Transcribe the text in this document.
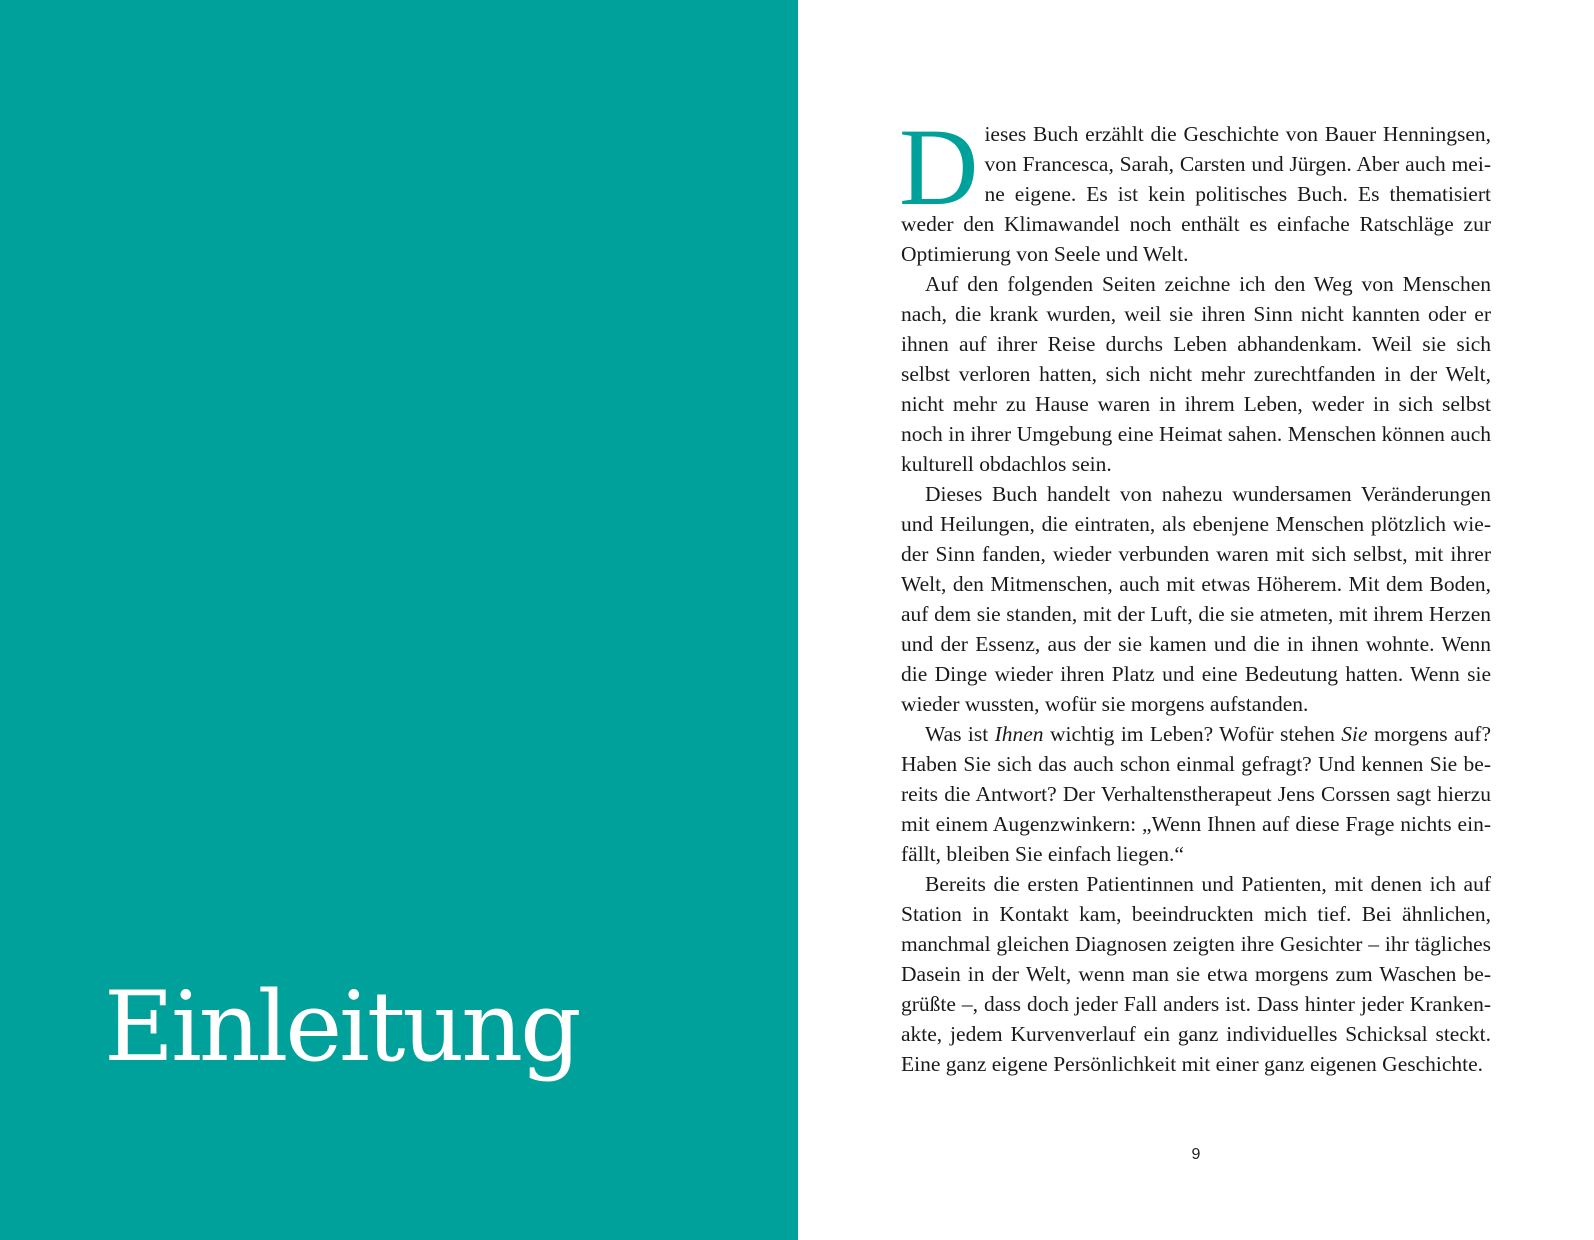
Einleitung

Dieses Buch erzählt die Geschichte von Bauer Henningsen, von Francesca, Sarah, Carsten und Jürgen. Aber auch meine eigene. Es ist kein politisches Buch. Es thematisiert weder den Klimawandel noch enthält es einfache Ratschläge zur Optimierung von Seele und Welt.

Auf den folgenden Seiten zeichne ich den Weg von Menschen nach, die krank wurden, weil sie ihren Sinn nicht kannten oder er ihnen auf ihrer Reise durchs Leben abhandenkam. Weil sie sich selbst verloren hatten, sich nicht mehr zurechtfanden in der Welt, nicht mehr zu Hause waren in ihrem Leben, weder in sich selbst noch in ihrer Umgebung eine Heimat sahen. Menschen können auch kulturell obdachlos sein.

Dieses Buch handelt von nahezu wundersamen Veränderungen und Heilungen, die eintraten, als ebenjene Menschen plötzlich wieder Sinn fanden, wieder verbunden waren mit sich selbst, mit ihrer Welt, den Mitmenschen, auch mit etwas Höherem. Mit dem Boden, auf dem sie standen, mit der Luft, die sie atmeten, mit ihrem Herzen und der Essenz, aus der sie kamen und die in ihnen wohnte. Wenn die Dinge wieder ihren Platz und eine Bedeutung hatten. Wenn sie wieder wussten, wofür sie morgens aufstanden.

Was ist Ihnen wichtig im Leben? Wofür stehen Sie morgens auf? Haben Sie sich das auch schon einmal gefragt? Und kennen Sie bereits die Antwort? Der Verhaltenstherapeut Jens Corssen sagt hierzu mit einem Augenzwinkern: „Wenn Ihnen auf diese Frage nichts einfällt, bleiben Sie einfach liegen.“

Bereits die ersten Patientinnen und Patienten, mit denen ich auf Station in Kontakt kam, beeindruckten mich tief. Bei ähnlichen, manchmal gleichen Diagnosen zeigten ihre Gesichter – ihr tägliches Dasein in der Welt, wenn man sie etwa morgens zum Waschen begrüßte –, dass doch jeder Fall anders ist. Dass hinter jeder Krankenakte, jedem Kurvenverlauf ein ganz individuelles Schicksal steckt. Eine ganz eigene Persönlichkeit mit einer ganz eigenen Geschichte.

9
